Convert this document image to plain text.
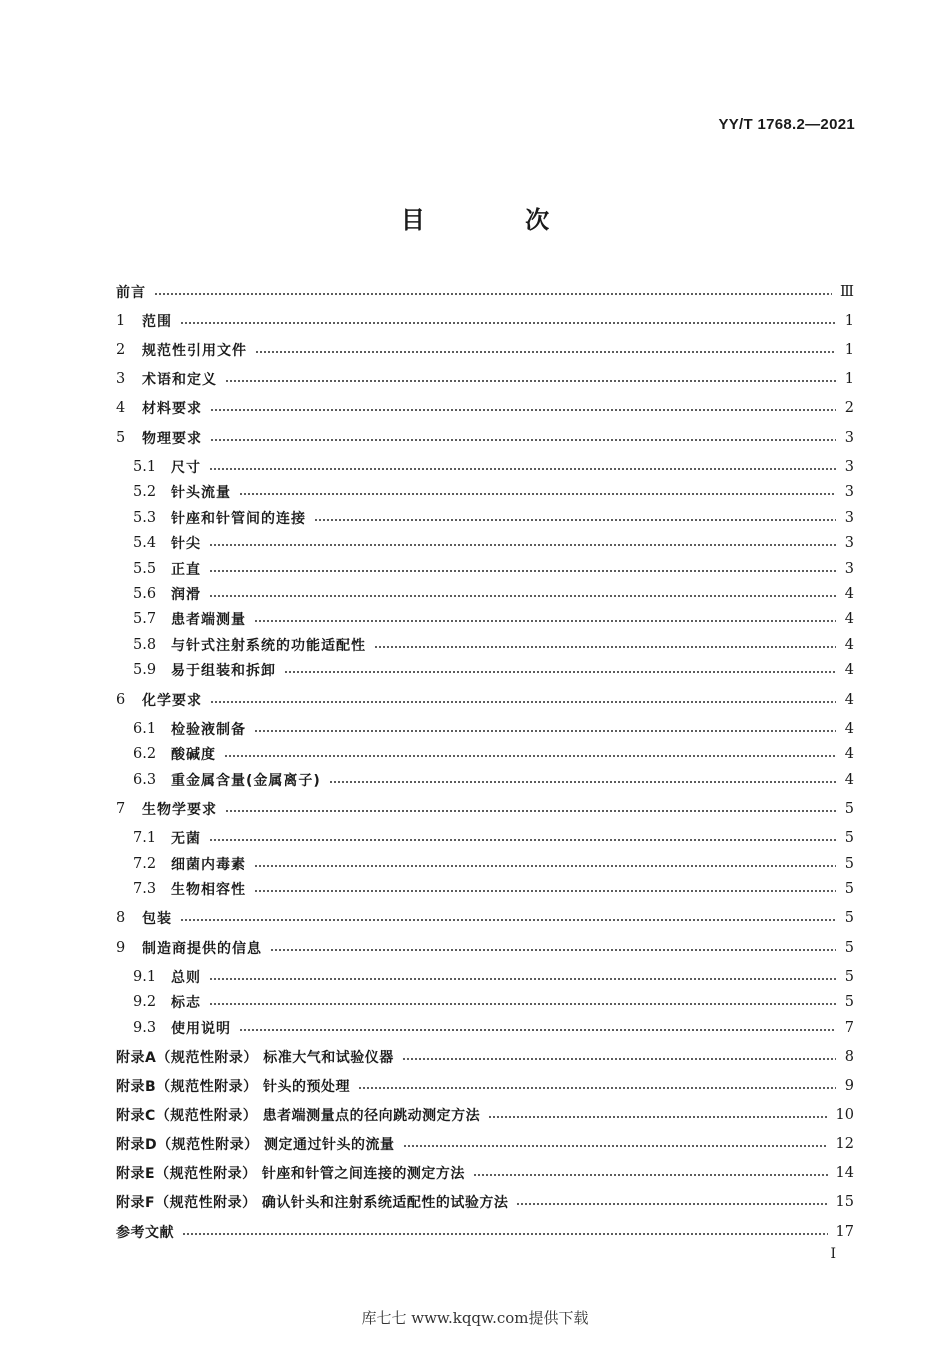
YY/T 1768.2—2021
目 次
前言	Ⅲ
1	范围	1
2	规范性引用文件	1
3	术语和定义	1
4	材料要求	2
5	物理要求	3
5.1	尺寸	3
5.2	针头流量	3
5.3	针座和针管间的连接	3
5.4	针尖	3
5.5	正直	3
5.6	润滑	4
5.7	患者端测量	4
5.8	与针式注射系统的功能适配性	4
5.9	易于组装和拆卸	4
6	化学要求	4
6.1	检验液制备	4
6.2	酸碱度	4
6.3	重金属含量(金属离子)	4
7	生物学要求	5
7.1	无菌	5
7.2	细菌内毒素	5
7.3	生物相容性	5
8	包装	5
9	制造商提供的信息	5
9.1	总则	5
9.2	标志	5
9.3	使用说明	7
附录A（规范性附录） 标准大气和试验仪器	8
附录B（规范性附录） 针头的预处理	9
附录C（规范性附录） 患者端测量点的径向跳动测定方法	10
附录D（规范性附录） 测定通过针头的流量	12
附录E（规范性附录） 针座和针管之间连接的测定方法	14
附录F（规范性附录） 确认针头和注射系统适配性的试验方法	15
参考文献	17
I
库七七 www.kqqw.com提供下载
